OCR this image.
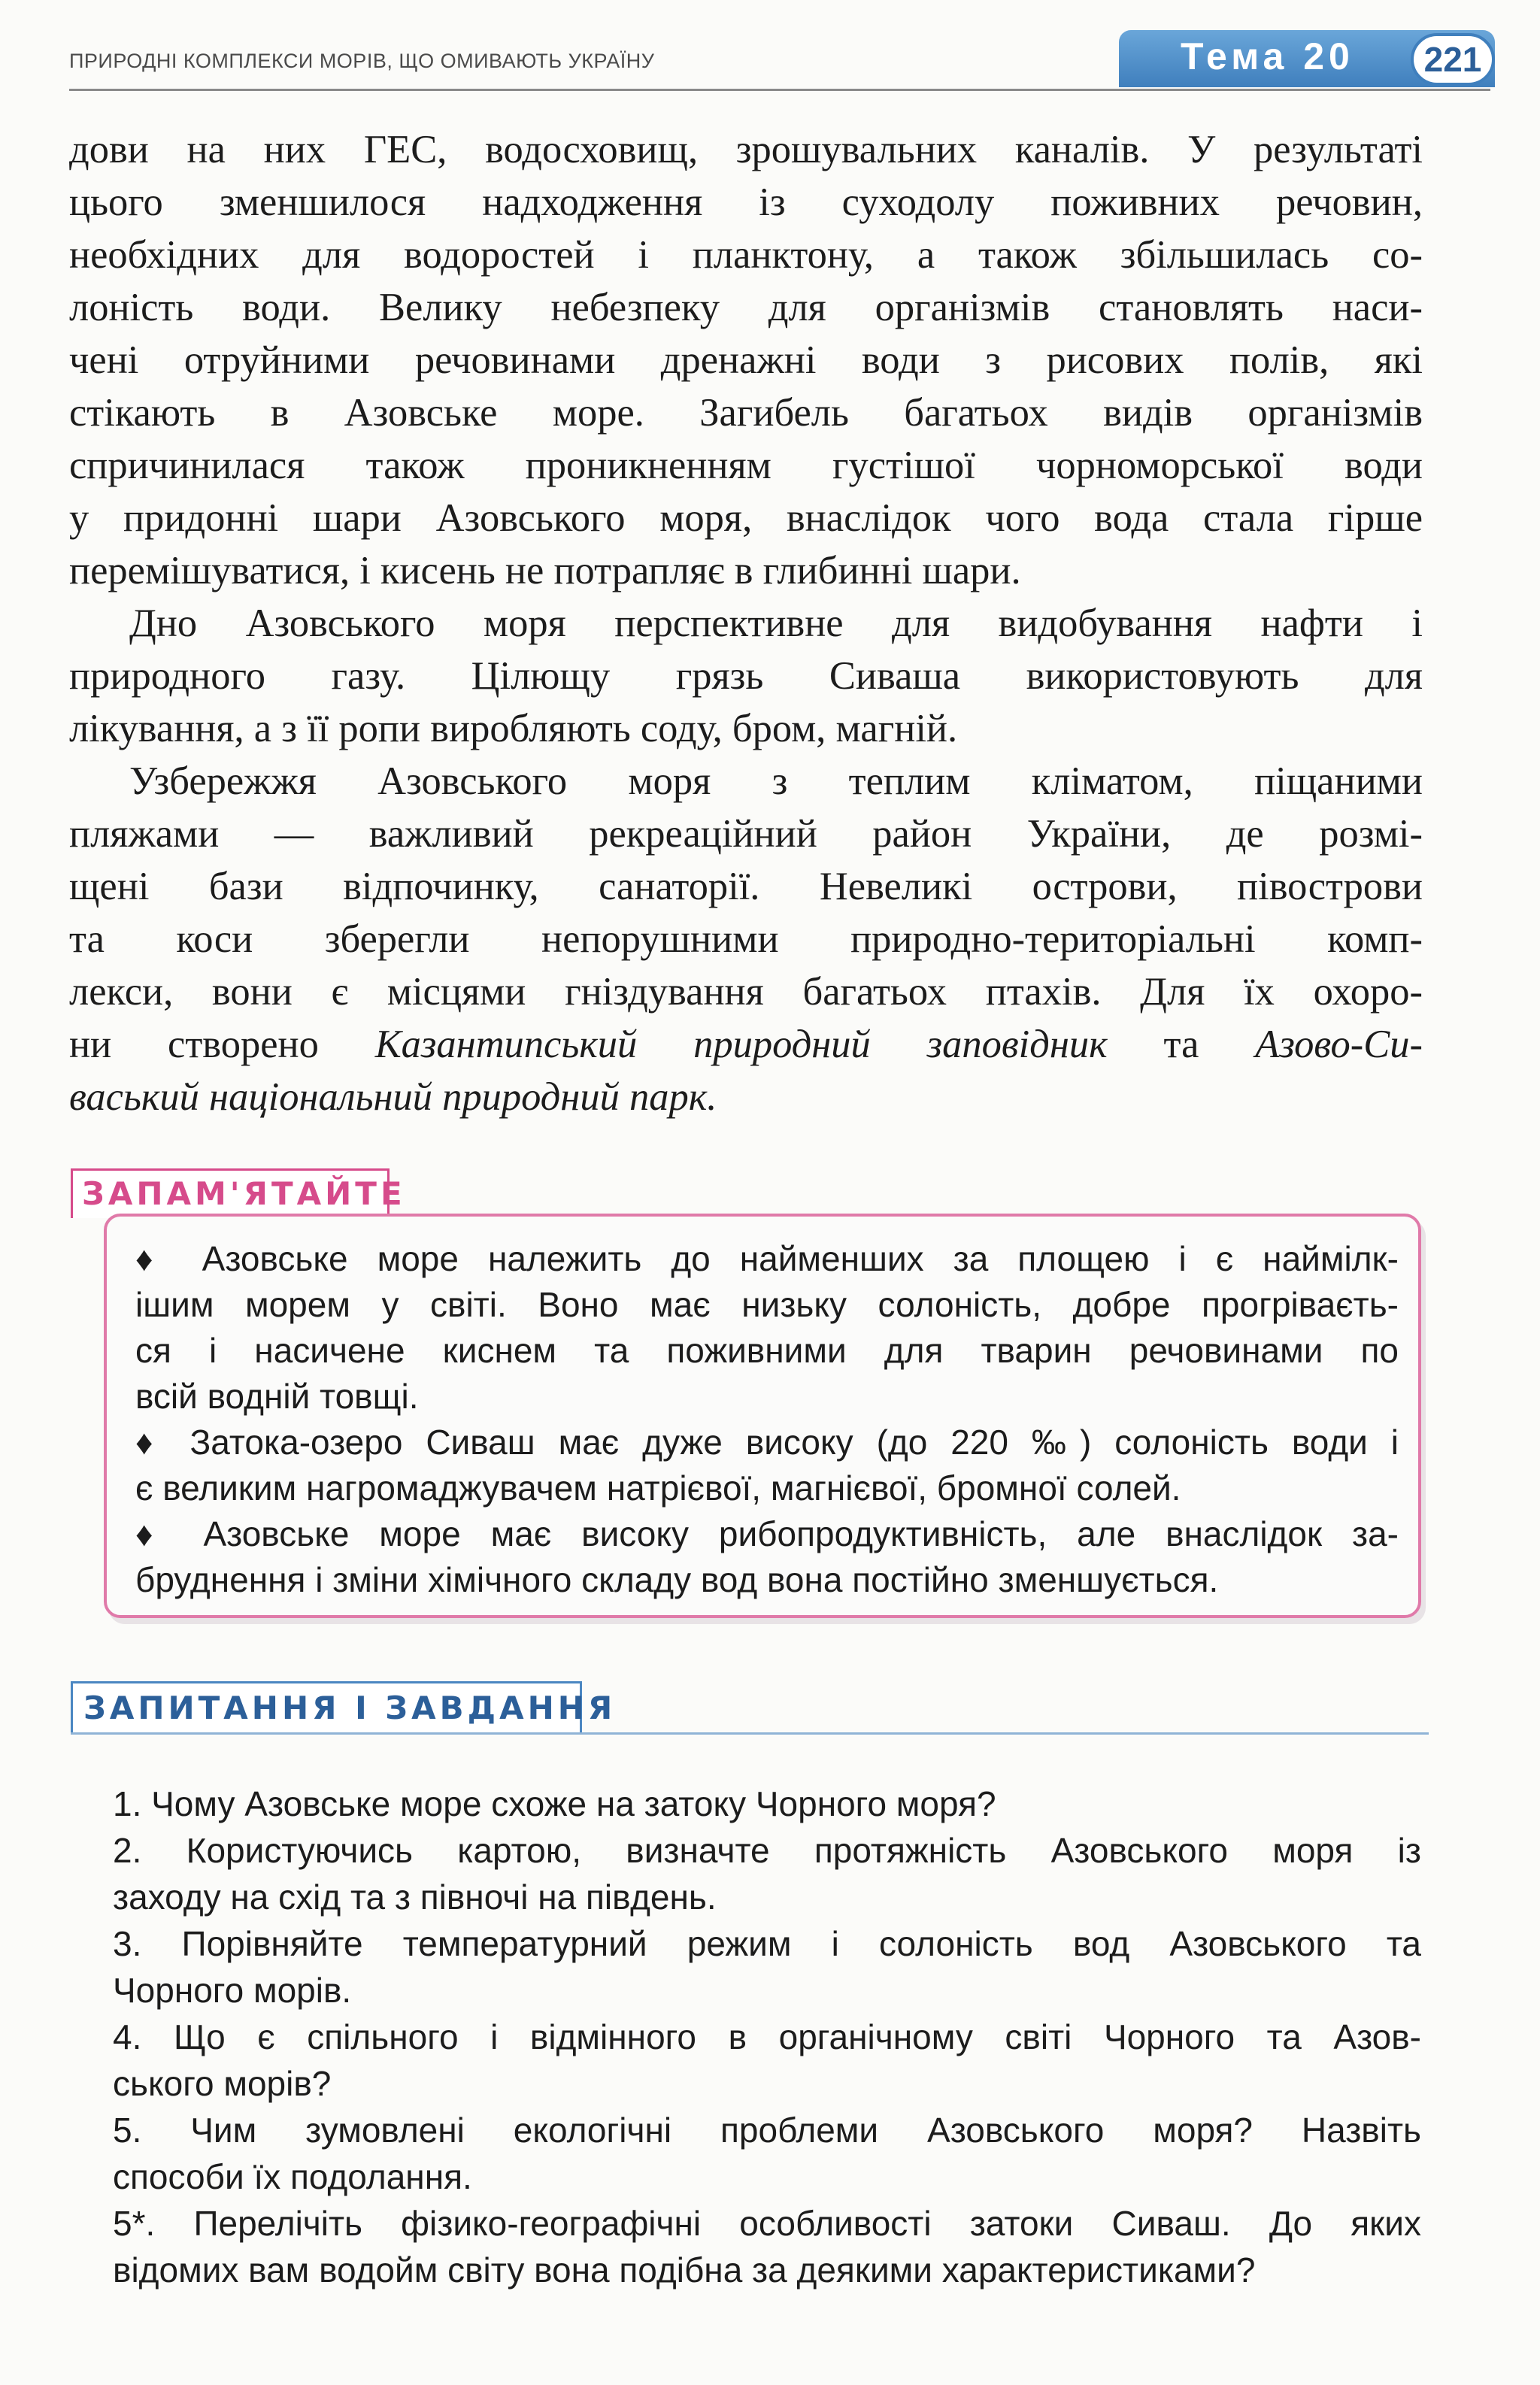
ПРИРОДНІ КОМПЛЕКСИ МОРІВ, ЩО ОМИВАЮТЬ УКРАЇНУ	Тема 20	221
дови на них ГЕС, водосховищ, зрошувальних каналів. У результаті
цього зменшилося надходження із суходолу поживних речовин,
необхідних для водоростей і планктону, а також збільшилась со-
лоність води. Велику небезпеку для організмів становлять наси-
чені отруйними речовинами дренажні води з рисових полів, які
стікають в Азовське море. Загибель багатьох видів організмів
спричинилася також проникненням густішої чорноморської води
у придонні шари Азовського моря, внаслідок чого вода стала гірше
перемішуватися, і кисень не потрапляє в глибинні шари.
Дно Азовського моря перспективне для видобування нафти і
природного газу. Цілющу грязь Сиваша використовують для
лікування, а з її ропи виробляють соду, бром, магній.
Узбережжя Азовського моря з теплим кліматом, піщаними
пляжами — важливий рекреаційний район України, де розмі-
щені бази відпочинку, санаторії. Невеликі острови, півострови
та коси зберегли непорушними природно-територіальні комп-
лекси, вони є місцями гніздування багатьох птахів. Для їх охоро-
ни створено Казантипський природний заповідник та Азово-Си-
васький національний природний парк.
ЗАПАМ'ЯТАЙТЕ
♦ Азовське море належить до найменших за площею і є наймілк-
ішим морем у світі. Воно має низьку солоність, добре прогріваєть-
ся і насичене киснем та поживними для тварин речовинами по
всій водній товщі.
♦ Затока-озеро Сиваш має дуже високу (до 220 ‰) солоність води і
є великим нагромаджувачем натрієвої, магнієвої, бромної солей.
♦ Азовське море має високу рибопродуктивність, але внаслідок за-
бруднення і зміни хімічного складу вод вона постійно зменшується.
ЗАПИТАННЯ І ЗАВДАННЯ
1. Чому Азовське море схоже на затоку Чорного моря?
2. Користуючись картою, визначте протяжність Азовського моря із
заходу на схід та з півночі на південь.
3. Порівняйте температурний режим і солоність вод Азовського та
Чорного морів.
4. Що є спільного і відмінного в органічному світі Чорного та Азов-
ського морів?
5. Чим зумовлені екологічні проблеми Азовського моря? Назвіть
способи їх подолання.
5*. Перелічіть фізико-географічні особливості затоки Сиваш. До яких
відомих вам водойм світу вона подібна за деякими характеристиками?
